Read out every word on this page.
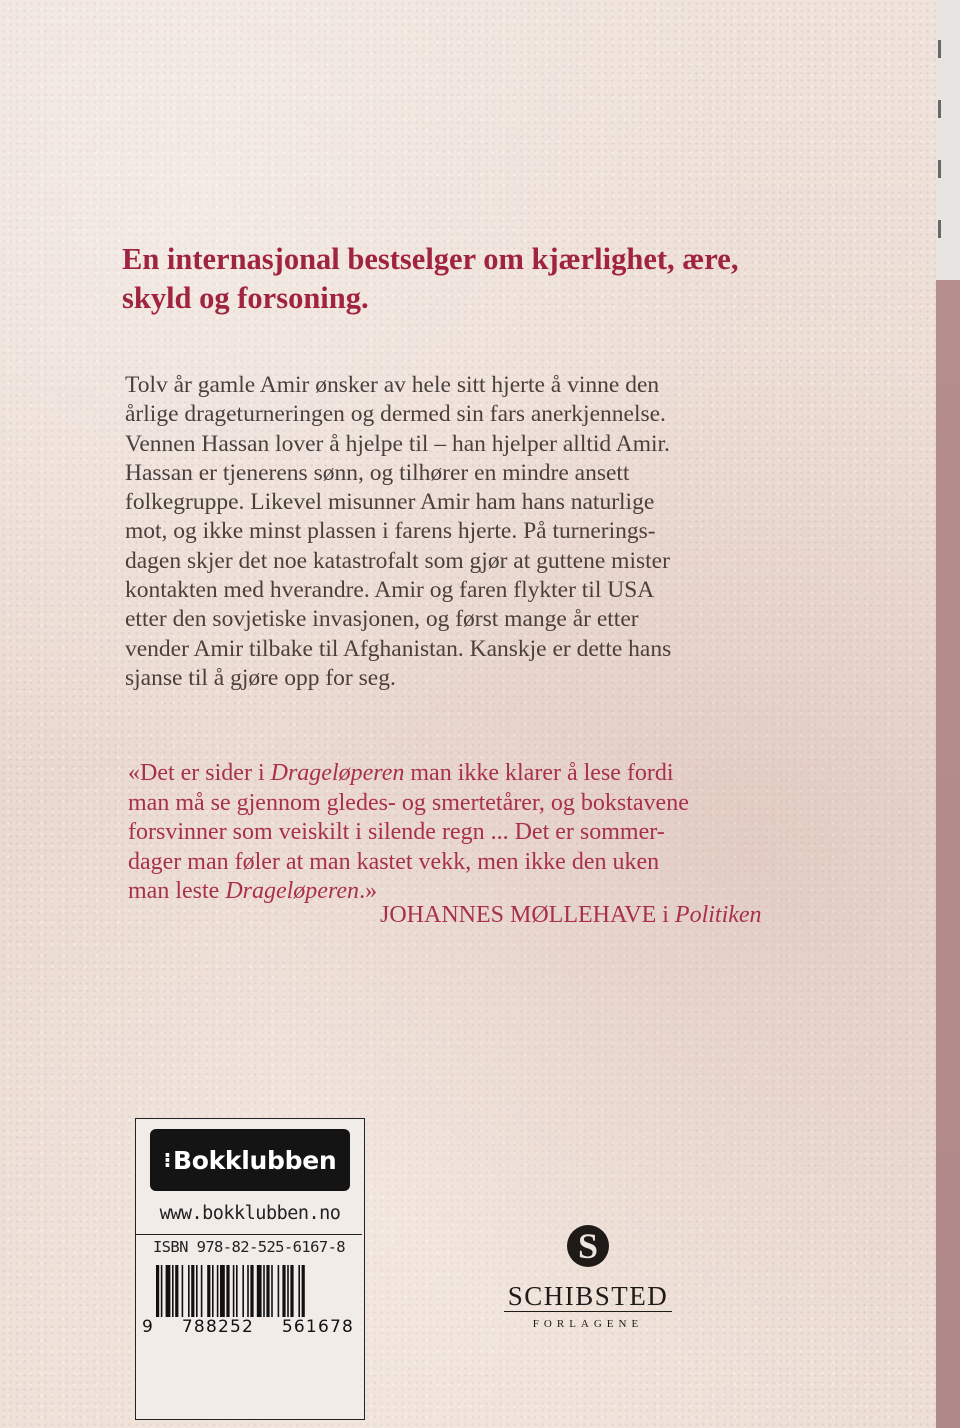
En internasjonal bestselger om kjærlighet, ære,
skyld og forsoning.

Tolv år gamle Amir ønsker av hele sitt hjerte å vinne den
årlige drageturneringen og dermed sin fars anerkjennelse.
Vennen Hassan lover å hjelpe til – han hjelper alltid Amir.
Hassan er tjenerens sønn, og tilhører en mindre ansett
folkegruppe. Likevel misunner Amir ham hans naturlige
mot, og ikke minst plassen i farens hjerte. På turnerings-
dagen skjer det noe katastrofalt som gjør at guttene mister
kontakten med hverandre. Amir og faren flykter til USA
etter den sovjetiske invasjonen, og først mange år etter
vender Amir tilbake til Afghanistan. Kanskje er dette hans
sjanse til å gjøre opp for seg.

«Det er sider i Drageløperen man ikke klarer å lese fordi
man må se gjennom gledes- og smertetårer, og bokstavene
forsvinner som veiskilt i silende regn ... Det er sommer-
dager man føler at man kastet vekk, men ikke den uken
man leste Drageløperen.»

JOHANNES MØLLEHAVE i Politiken
⁝ Bokklubben
www.bokklubben.no
ISBN 978-82-525-6167-8
9 788252 561678
S
SCHIBSTED
FORLAGENE
